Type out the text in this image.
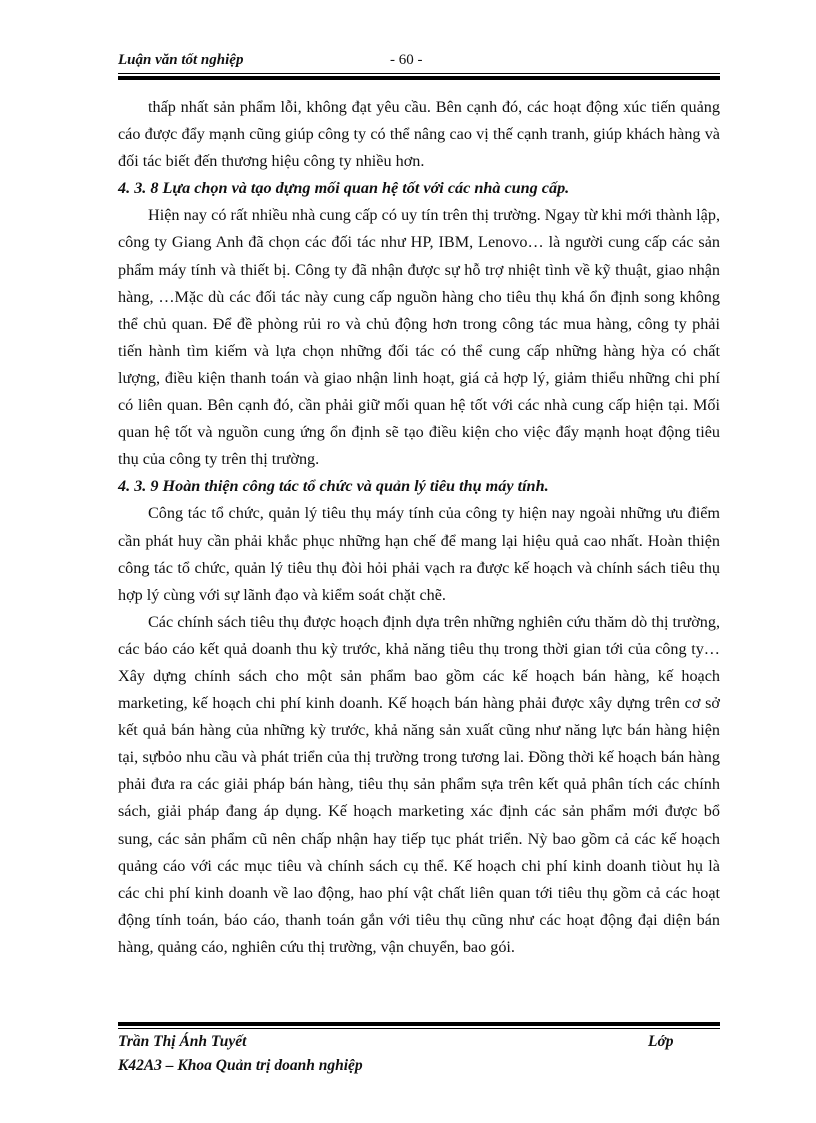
Luận văn tốt nghiệp	- 60 -

thấp nhất sản phẩm lỗi, không đạt yêu cầu. Bên cạnh đó, các hoạt động xúc tiến quảng cáo được đẩy mạnh cũng giúp công ty có thể nâng cao vị thế cạnh tranh, giúp khách hàng và đối tác biết đến thương hiệu công ty nhiều hơn.

4. 3. 8 Lựa chọn và tạo dựng mối quan hệ tốt với các nhà cung cấp.

Hiện nay có rất nhiều nhà cung cấp có uy tín trên thị trường. Ngay từ khi mới thành lập, công ty Giang Anh đã chọn các đối tác như HP, IBM, Lenovo… là người cung cấp các sản phẩm máy tính và thiết bị. Công ty đã nhận được sự hỗ trợ nhiệt tình về kỹ thuật, giao nhận hàng, …Mặc dù các đối tác này cung cấp nguồn hàng cho tiêu thụ khá ổn định song không thể chủ quan. Để đề phòng rủi ro và chủ động hơn trong công tác mua hàng, công ty phải tiến hành tìm kiếm và lựa chọn những đối tác có thể cung cấp những hàng hỳa có chất lượng, điều kiện thanh toán và giao nhận linh hoạt, giá cả hợp lý, giảm thiểu những chi phí có liên quan. Bên cạnh đó, cần phải giữ mối quan hệ tốt với các nhà cung cấp hiện tại. Mối quan hệ tốt và nguồn cung ứng ổn định sẽ tạo điều kiện cho việc đẩy mạnh hoạt động tiêu thụ của công ty trên thị trường.

4. 3. 9 Hoàn thiện công tác tổ chức và quản lý tiêu thụ máy tính.

Công tác tổ chức, quản lý tiêu thụ máy tính của công ty hiện nay ngoài những ưu điểm cần phát huy cần phải khắc phục những hạn chế để mang lại hiệu quả cao nhất. Hoàn thiện công tác tổ chức, quản lý tiêu thụ đòi hỏi phải vạch ra được kế hoạch và chính sách tiêu thụ hợp lý cùng với sự lãnh đạo và kiểm soát chặt chẽ.

Các chính sách tiêu thụ được hoạch định dựa trên những nghiên cứu thăm dò thị trường, các báo cáo kết quả doanh thu kỳ trước, khả năng tiêu thụ trong thời gian tới của công ty… Xây dựng chính sách cho một sản phẩm bao gồm các kế hoạch bán hàng, kế hoạch marketing, kế hoạch chi phí kinh doanh. Kế hoạch bán hàng phải được xây dựng trên cơ sở kết quả bán hàng của những kỳ trước, khả năng sản xuất cũng như năng lực bán hàng hiện tại, sựbỏo nhu cầu và phát triển của thị trường trong tương lai. Đồng thời kế hoạch bán hàng phải đưa ra các giải pháp bán hàng, tiêu thụ sản phẩm sựa trên kết quả phân tích các chính sách, giải pháp đang áp dụng. Kế hoạch marketing xác định các sản phẩm mới được bổ sung, các sản phẩm cũ nên chấp nhận hay tiếp tục phát triển. Nỳ bao gồm cả các kế hoạch quảng cáo với các mục tiêu và chính sách cụ thể. Kế hoạch chi phí kinh doanh tiòut hụ là các chi phí kinh doanh về lao động, hao phí vật chất liên quan tới tiêu thụ gồm cả các hoạt động tính toán, báo cáo, thanh toán gắn với tiêu thụ cũng như các hoạt động đại diện bán hàng, quảng cáo, nghiên cứu thị trường, vận chuyển, bao gói.

Trần Thị Ánh Tuyết	Lớp
K42A3 – Khoa Quản trị doanh nghiệp
